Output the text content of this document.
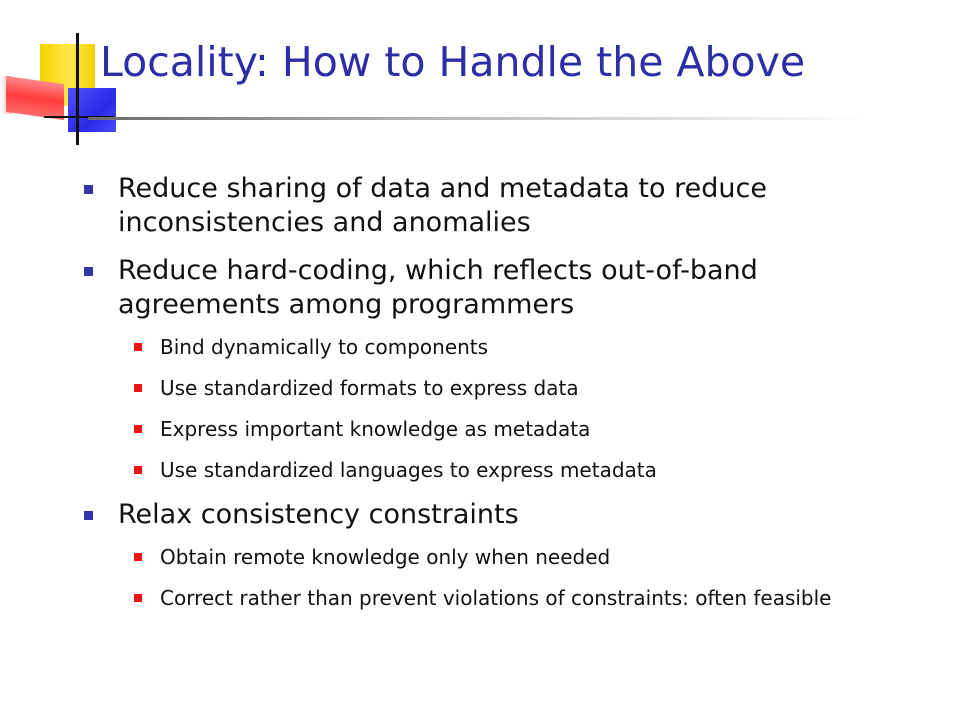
Locality: How to Handle the Above
Reduce sharing of data and metadata to reduce inconsistencies and anomalies
Reduce hard-coding, which reflects out-of-band agreements among programmers
Bind dynamically to components
Use standardized formats to express data
Express important knowledge as metadata
Use standardized languages to express metadata
Relax consistency constraints
Obtain remote knowledge only when needed
Correct rather than prevent violations of constraints: often feasible
